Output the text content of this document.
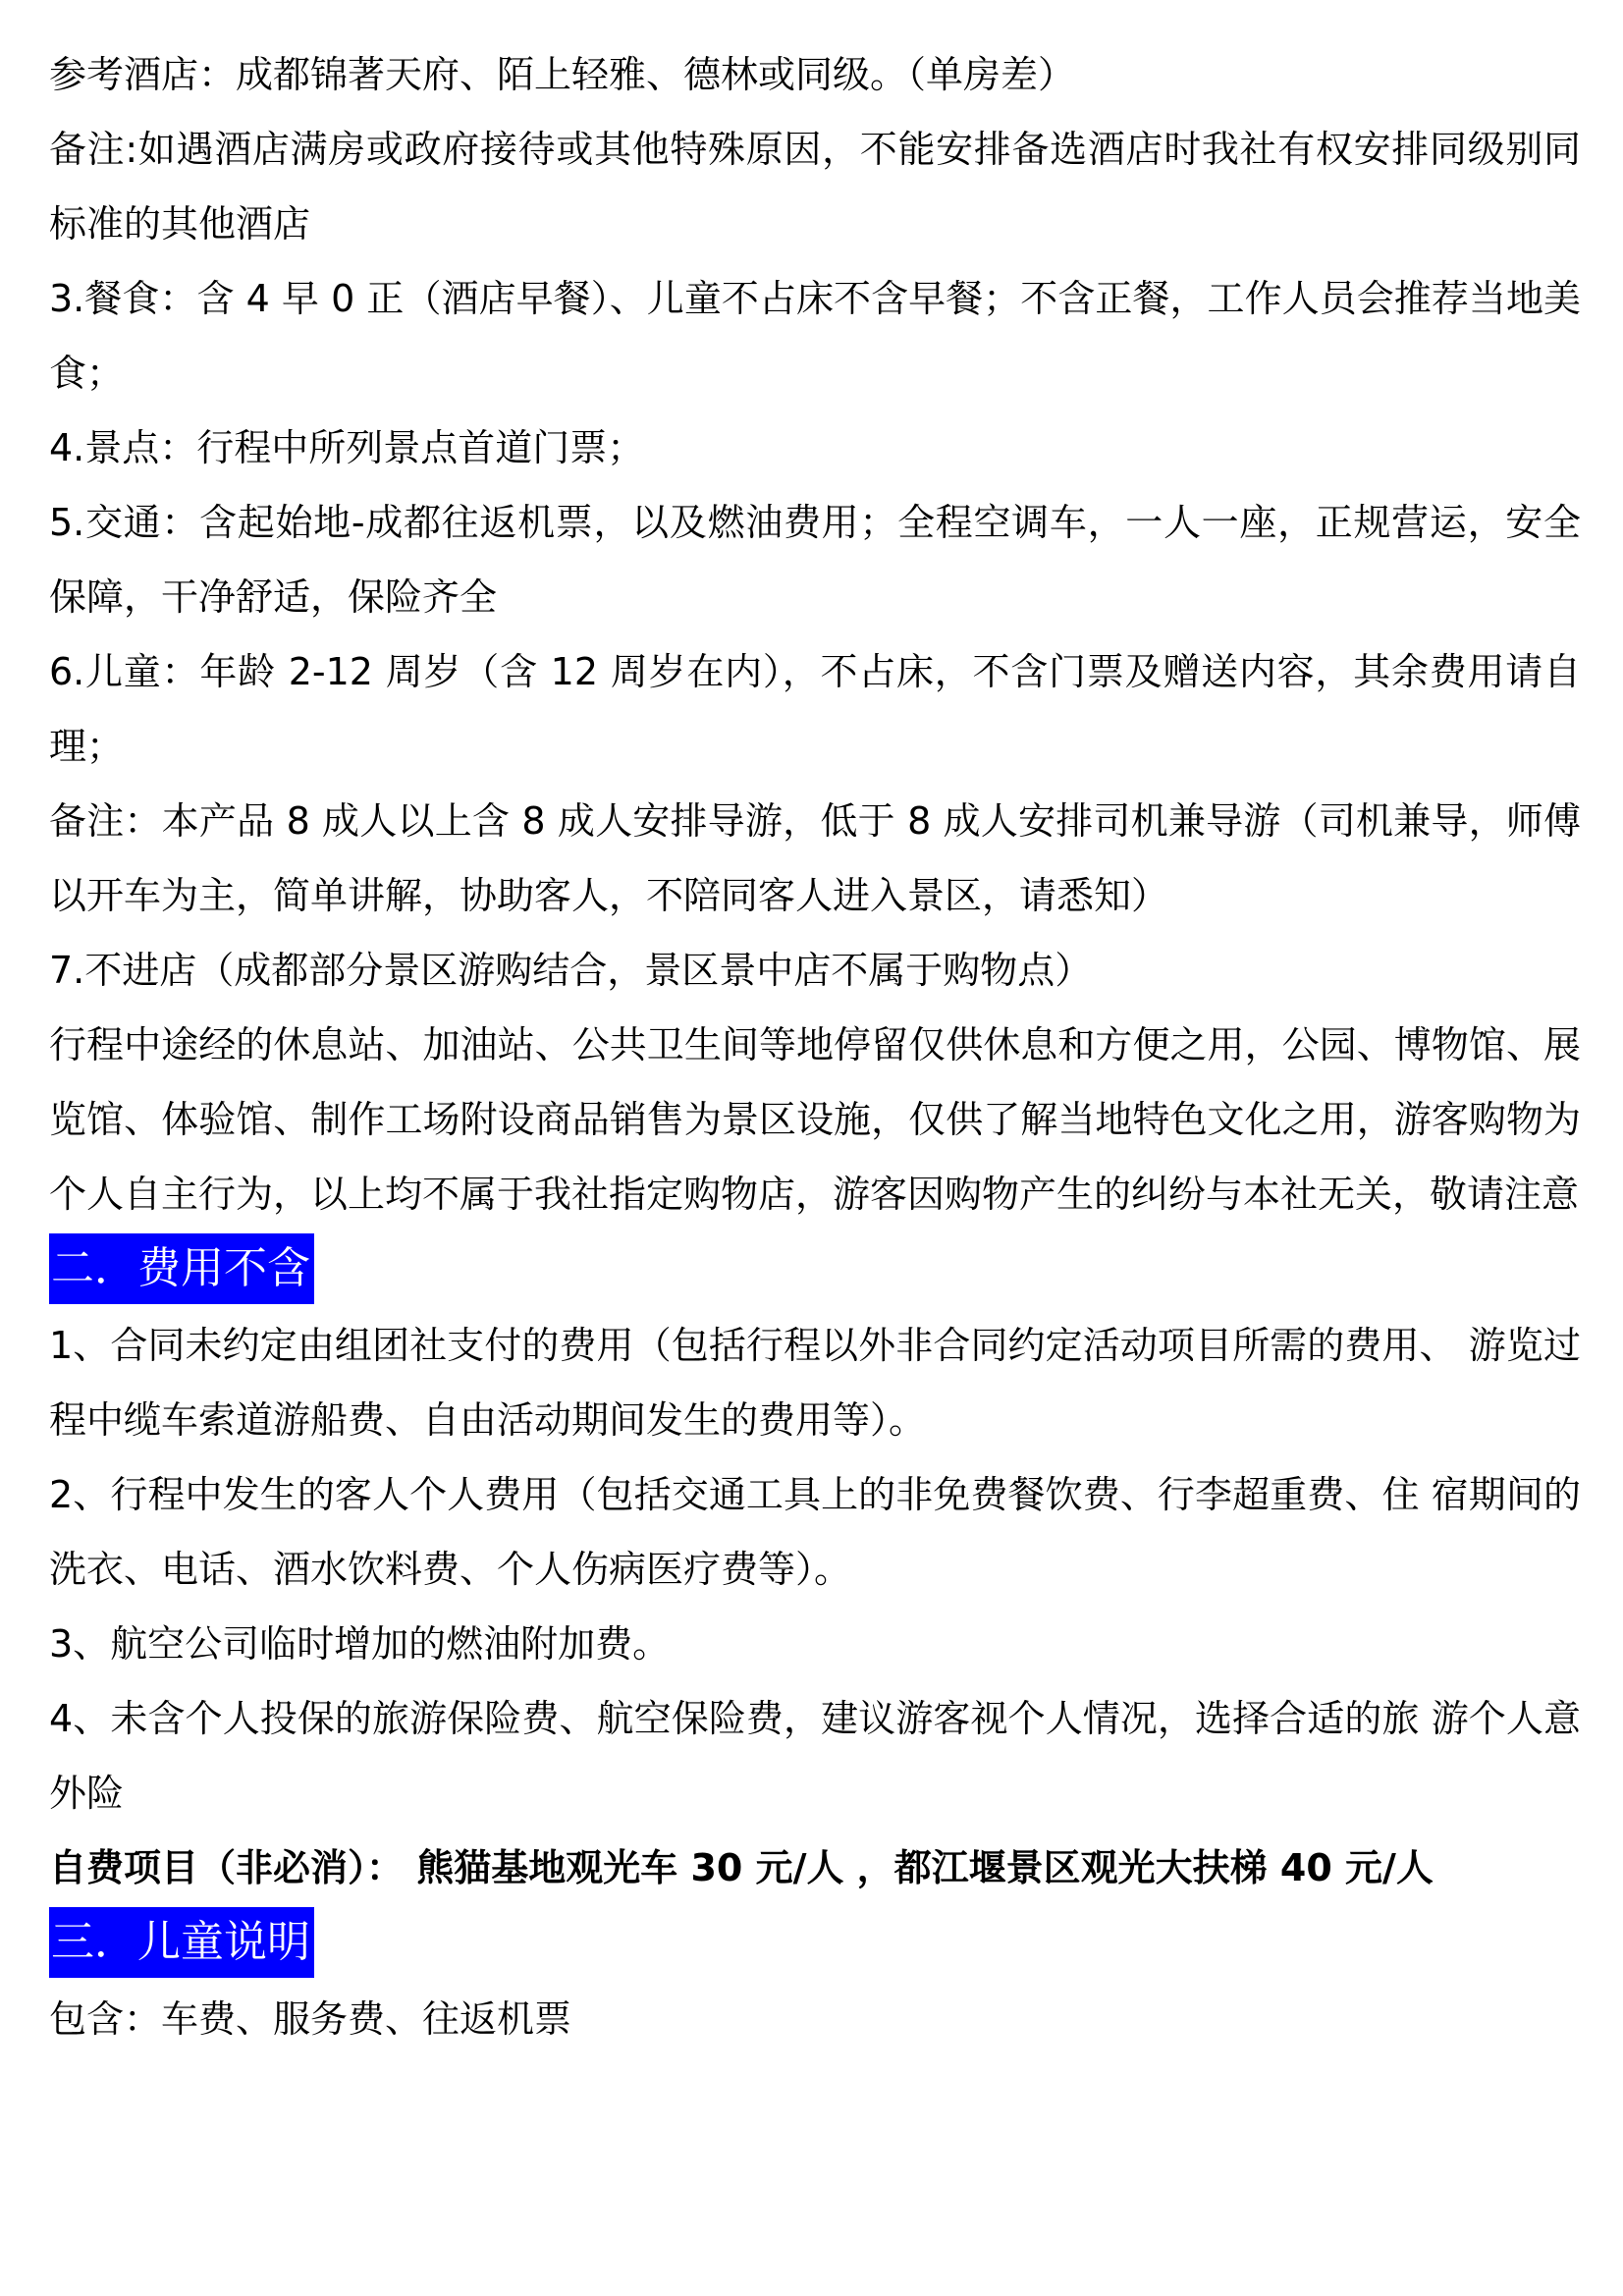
参考酒店：成都锦著天府、陌上轻雅、德林或同级。（单房差）

备注:如遇酒店满房或政府接待或其他特殊原因，不能安排备选酒店时我社有权安排同级别同标准的其他酒店

3.餐食：含 4 早 0 正（酒店早餐）、儿童不占床不含早餐；不含正餐，工作人员会推荐当地美食；

4.景点：行程中所列景点首道门票；

5.交通：含起始地-成都往返机票，以及燃油费用；全程空调车，一人一座，正规营运，安全保障，干净舒适，保险齐全

6.儿童：年龄 2-12 周岁（含 12 周岁在内），不占床，不含门票及赠送内容，其余费用请自理；

备注：本产品 8 成人以上含 8 成人安排导游，低于 8 成人安排司机兼导游（司机兼导，师傅以开车为主，简单讲解，协助客人，不陪同客人进入景区，请悉知）

7.不进店（成都部分景区游购结合，景区景中店不属于购物点）

行程中途经的休息站、加油站、公共卫生间等地停留仅供休息和方便之用，公园、博物馆、展览馆、体验馆、制作工场附设商品销售为景区设施，仅供了解当地特色文化之用，游客购物为个人自主行为，以上均不属于我社指定购物店，游客因购物产生的纠纷与本社无关，敬请注意

二．费用不含

1、合同未约定由组团社支付的费用（包括行程以外非合同约定活动项目所需的费用、 游览过程中缆车索道游船费、自由活动期间发生的费用等）。

2、行程中发生的客人个人费用（包括交通工具上的非免费餐饮费、行李超重费、住 宿期间的洗衣、电话、酒水饮料费、个人伤病医疗费等）。

3、航空公司临时增加的燃油附加费。

4、未含个人投保的旅游保险费、航空保险费，建议游客视个人情况，选择合适的旅 游个人意外险

自费项目（非必消）： 熊猫基地观光车 30 元/人 ，都江堰景区观光大扶梯 40 元/人

三．儿童说明

包含：车费、服务费、往返机票
